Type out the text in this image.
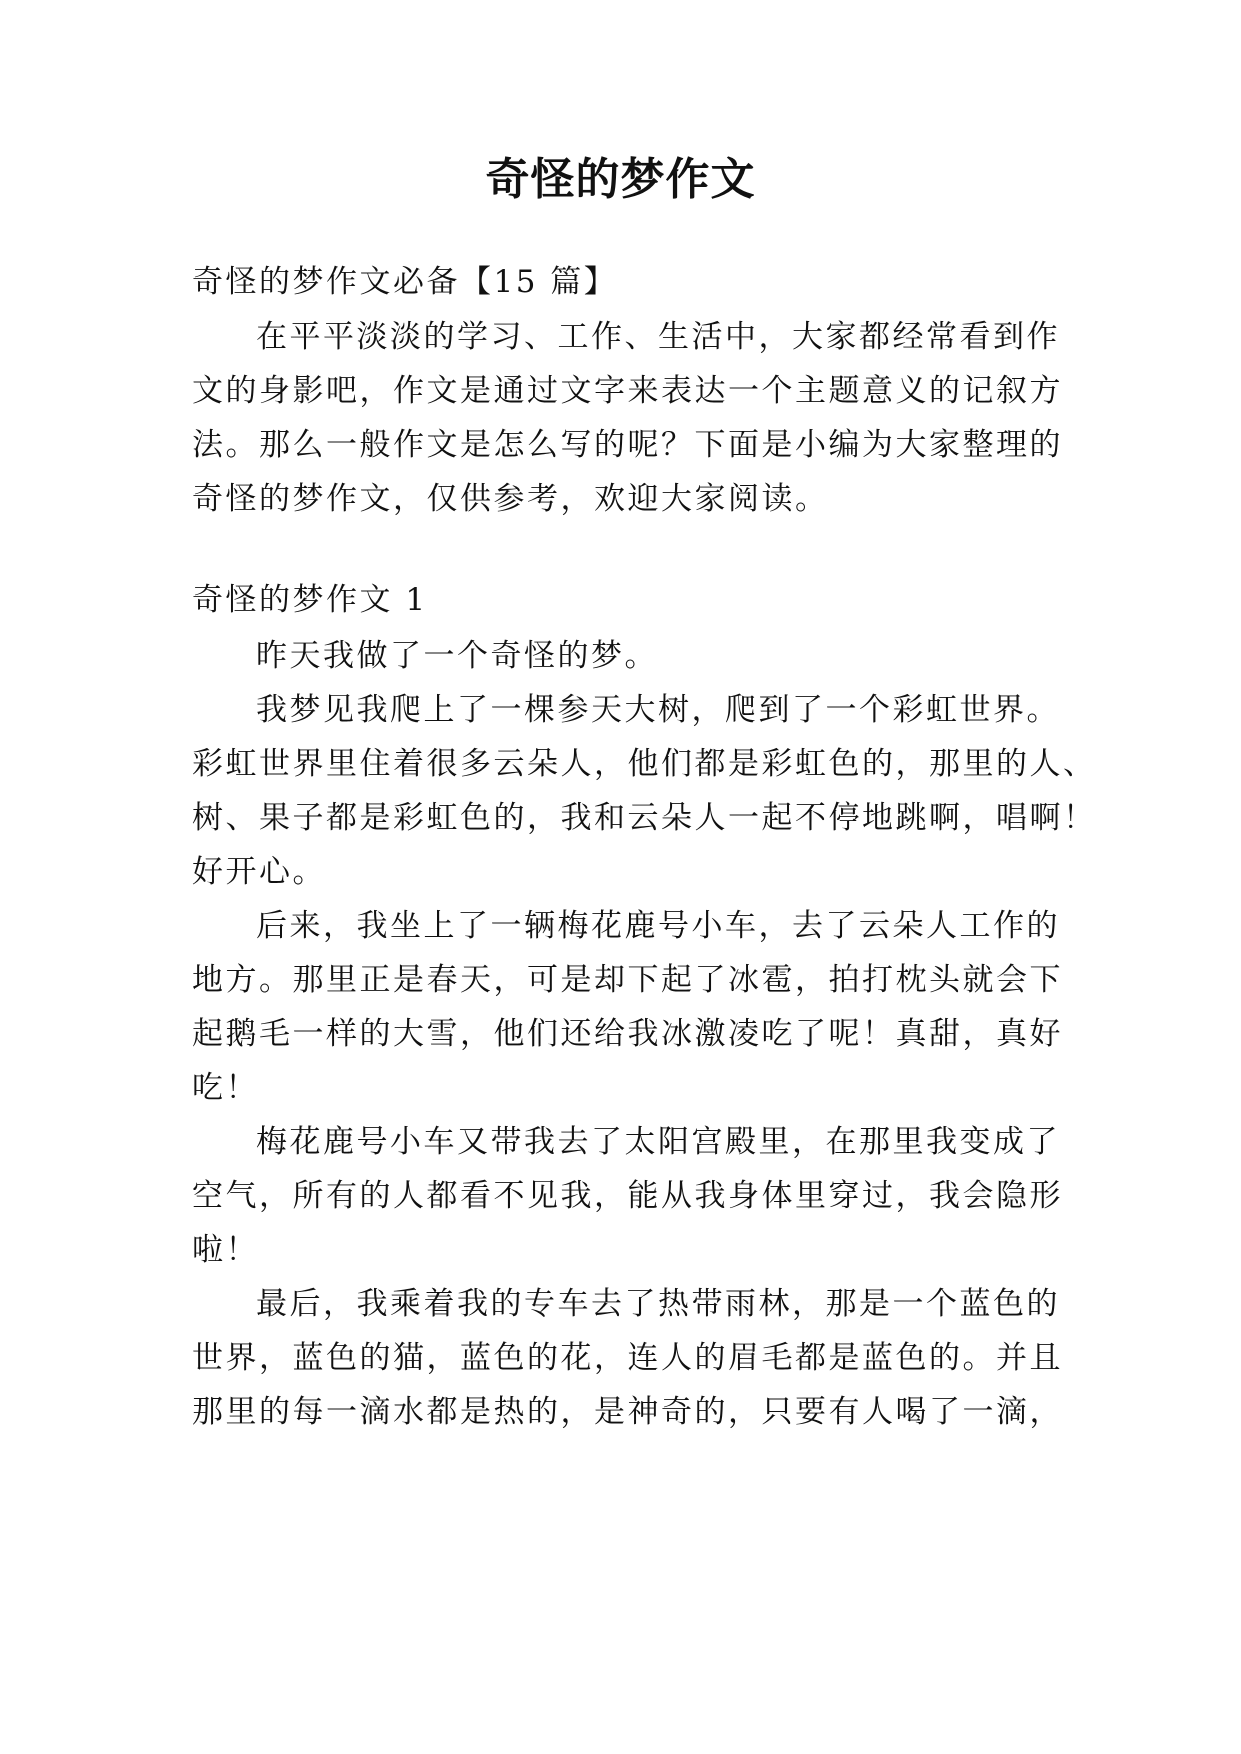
奇怪的梦作文

奇怪的梦作文必备【15 篇】

在平平淡淡的学习、工作、生活中，大家都经常看到作

文的身影吧，作文是通过文字来表达一个主题意义的记叙方

法。那么一般作文是怎么写的呢？下面是小编为大家整理的

奇怪的梦作文，仅供参考，欢迎大家阅读。

奇怪的梦作文 1

昨天我做了一个奇怪的梦。

我梦见我爬上了一棵参天大树，爬到了一个彩虹世界。

彩虹世界里住着很多云朵人，他们都是彩虹色的，那里的人、

树、果子都是彩虹色的，我和云朵人一起不停地跳啊，唱啊！

好开心。

后来，我坐上了一辆梅花鹿号小车，去了云朵人工作的

地方。那里正是春天，可是却下起了冰雹，拍打枕头就会下

起鹅毛一样的大雪，他们还给我冰激凌吃了呢！真甜，真好

吃！

梅花鹿号小车又带我去了太阳宫殿里，在那里我变成了

空气，所有的人都看不见我，能从我身体里穿过，我会隐形

啦！

最后，我乘着我的专车去了热带雨林，那是一个蓝色的

世界，蓝色的猫，蓝色的花，连人的眉毛都是蓝色的。并且

那里的每一滴水都是热的，是神奇的，只要有人喝了一滴，
